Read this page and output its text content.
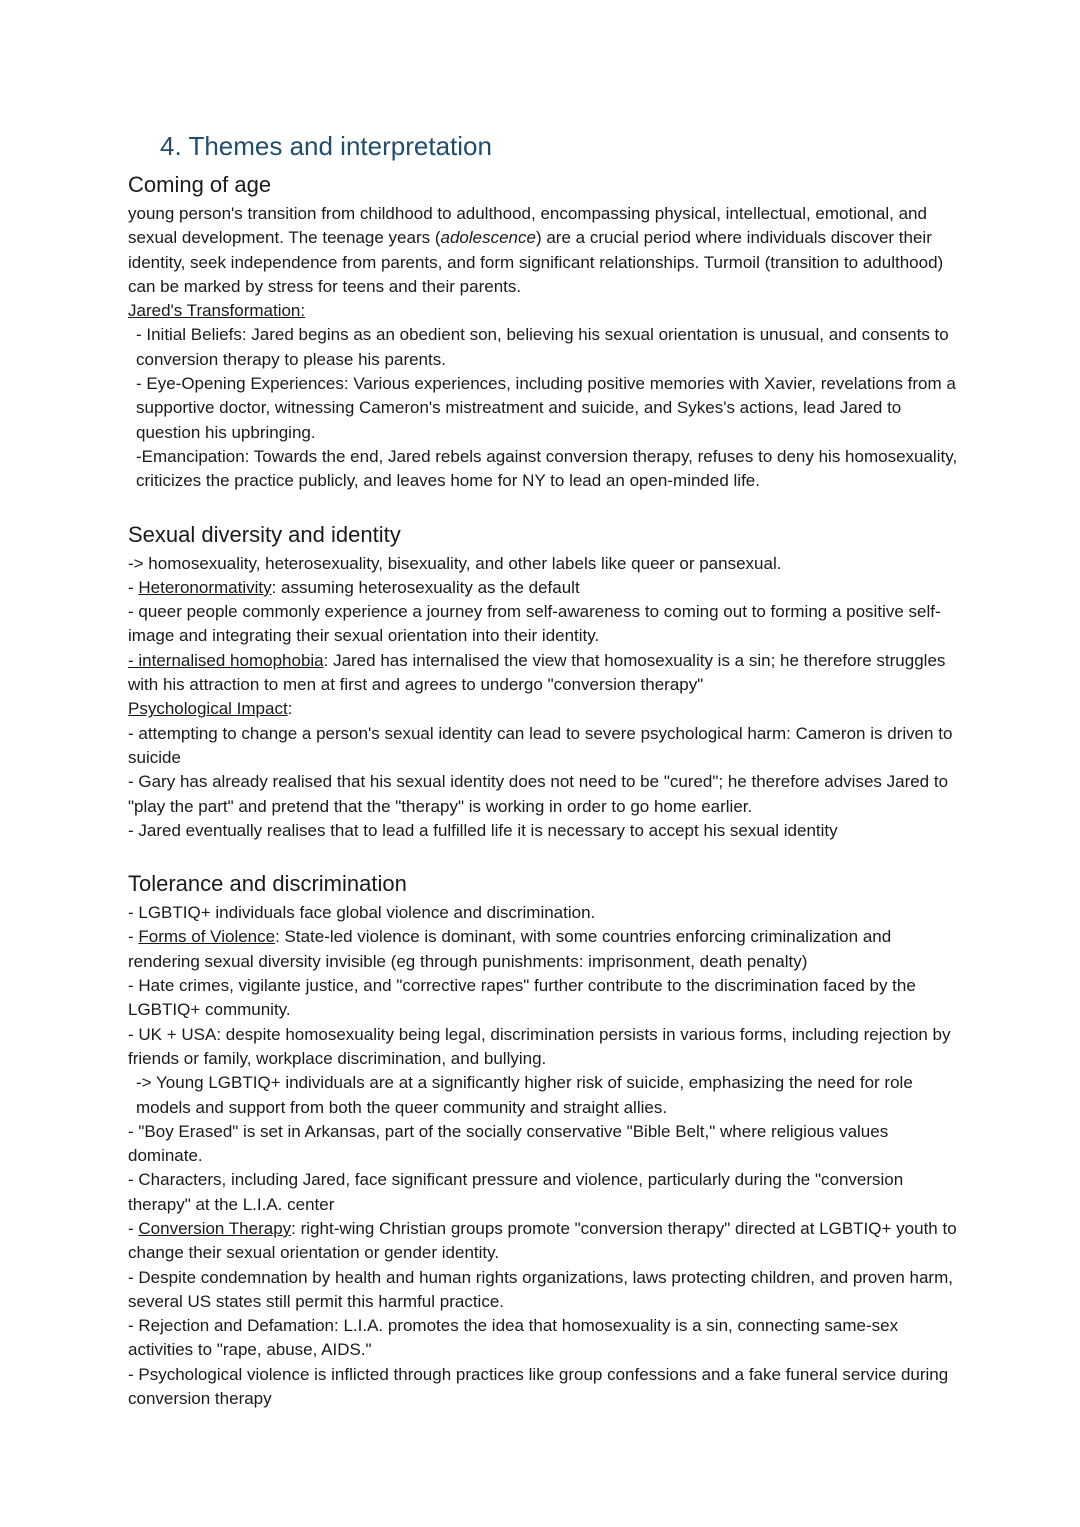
4. Themes and interpretation
Coming of age

young person's transition from childhood to adulthood, encompassing physical, intellectual, emotional, and sexual development. The teenage years (adolescence) are a crucial period where individuals discover their identity, seek independence from parents, and form significant relationships. Turmoil (transition to adulthood) can be marked by stress for teens and their parents.

Jared's Transformation:

- Initial Beliefs: Jared begins as an obedient son, believing his sexual orientation is unusual, and consents to conversion therapy to please his parents.

- Eye-Opening Experiences: Various experiences, including positive memories with Xavier, revelations from a supportive doctor, witnessing Cameron's mistreatment and suicide, and Sykes's actions, lead Jared to question his upbringing.

-Emancipation: Towards the end, Jared rebels against conversion therapy, refuses to deny his homosexuality, criticizes the practice publicly, and leaves home for NY to lead an open-minded life.

Sexual diversity and identity

-> homosexuality, heterosexuality, bisexuality, and other labels like queer or pansexual.

- Heteronormativity: assuming heterosexuality as the default

- queer people commonly experience a journey from self-awareness to coming out to forming a positive self-image and integrating their sexual orientation into their identity.

- internalised homophobia: Jared has internalised the view that homosexuality is a sin; he therefore struggles with his attraction to men at first and agrees to undergo "conversion therapy"

Psychological Impact:

- attempting to change a person's sexual identity can lead to severe psychological harm: Cameron is driven to suicide

- Gary has already realised that his sexual identity does not need to be "cured"; he therefore advises Jared to "play the part" and pretend that the "therapy" is working in order to go home earlier.

- Jared eventually realises that to lead a fulfilled life it is necessary to accept his sexual identity

Tolerance and discrimination

- LGBTIQ+ individuals face global violence and discrimination.

- Forms of Violence: State-led violence is dominant, with some countries enforcing criminalization and rendering sexual diversity invisible (eg through punishments: imprisonment, death penalty)

- Hate crimes, vigilante justice, and "corrective rapes" further contribute to the discrimination faced by the LGBTIQ+ community.

- UK + USA: despite homosexuality being legal, discrimination persists in various forms, including rejection by friends or family, workplace discrimination, and bullying.

-> Young LGBTIQ+ individuals are at a significantly higher risk of suicide, emphasizing the need for role models and support from both the queer community and straight allies.

- "Boy Erased" is set in Arkansas, part of the socially conservative "Bible Belt," where religious values dominate.

- Characters, including Jared, face significant pressure and violence, particularly during the "conversion therapy" at the L.I.A. center

- Conversion Therapy: right-wing Christian groups promote "conversion therapy" directed at LGBTIQ+ youth to change their sexual orientation or gender identity.

- Despite condemnation by health and human rights organizations, laws protecting children, and proven harm, several US states still permit this harmful practice.

- Rejection and Defamation: L.I.A. promotes the idea that homosexuality is a sin, connecting same-sex activities to "rape, abuse, AIDS."

- Psychological violence is inflicted through practices like group confessions and a fake funeral service during conversion therapy
